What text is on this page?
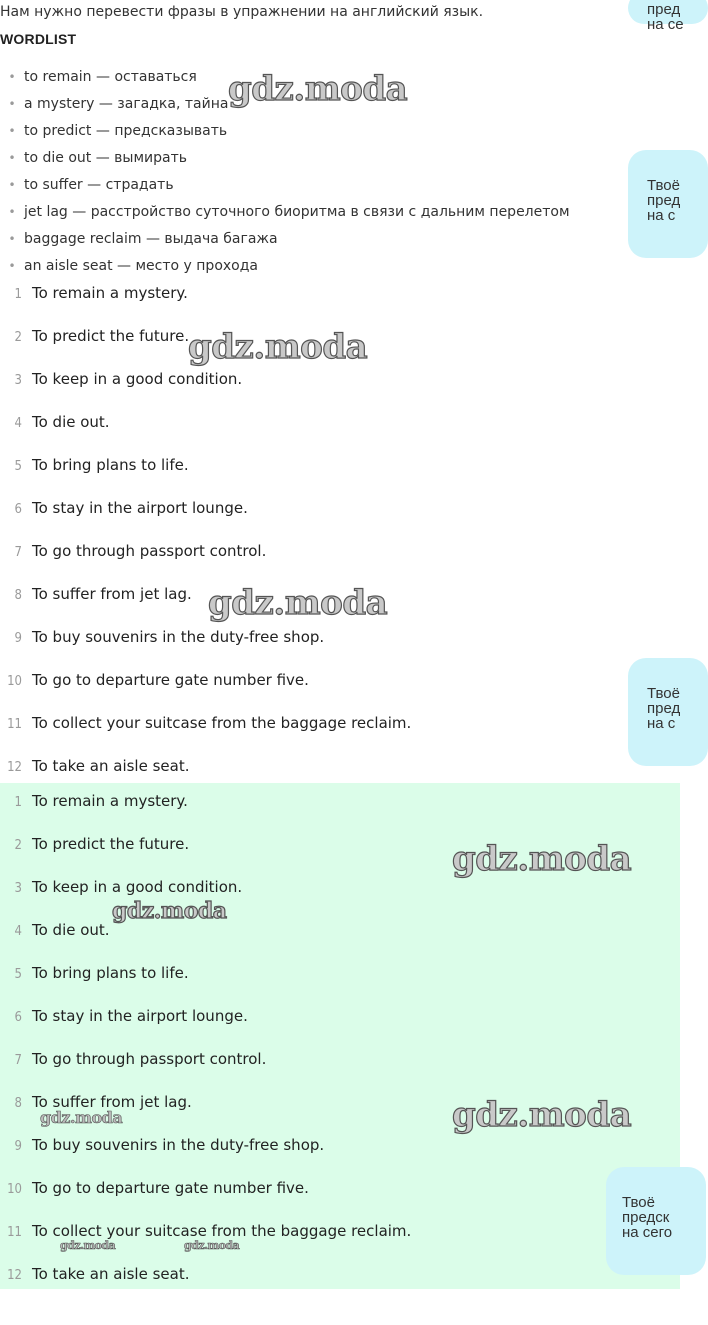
Нам нужно перевести фразы в упражнении на английский язык.
WORDLIST
• to remain — оставаться
• a mystery — загадка, тайна
• to predict — предсказывать
• to die out — вымирать
• to suffer — страдать
• jet lag — расстройство суточного биоритма в связи с дальним перелетом
• baggage reclaim — выдача багажа
• an aisle seat — место у прохода
1 To remain a mystery.
2 To predict the future.
3 To keep in a good condition.
4 To die out.
5 To bring plans to life.
6 To stay in the airport lounge.
7 To go through passport control.
8 To suffer from jet lag.
9 To buy souvenirs in the duty-free shop.
10 To go to departure gate number five.
11 To collect your suitcase from the baggage reclaim.
12 To take an aisle seat.
1 To remain a mystery.
2 To predict the future.
3 To keep in a good condition.
4 To die out.
5 To bring plans to life.
6 To stay in the airport lounge.
7 To go through passport control.
8 To suffer from jet lag.
9 To buy souvenirs in the duty-free shop.
10 To go to departure gate number five.
11 To collect your suitcase from the baggage reclaim.
12 To take an aisle seat.
пред
на се
Твоё
пред
на с
Твоё
пред
на с
Твоё
предск
на сего
gdz.moda
gdz.moda
gdz.moda
gdz.moda
gdz.moda
gdz.moda
gdz.moda
gdz.moda	gdz.moda
